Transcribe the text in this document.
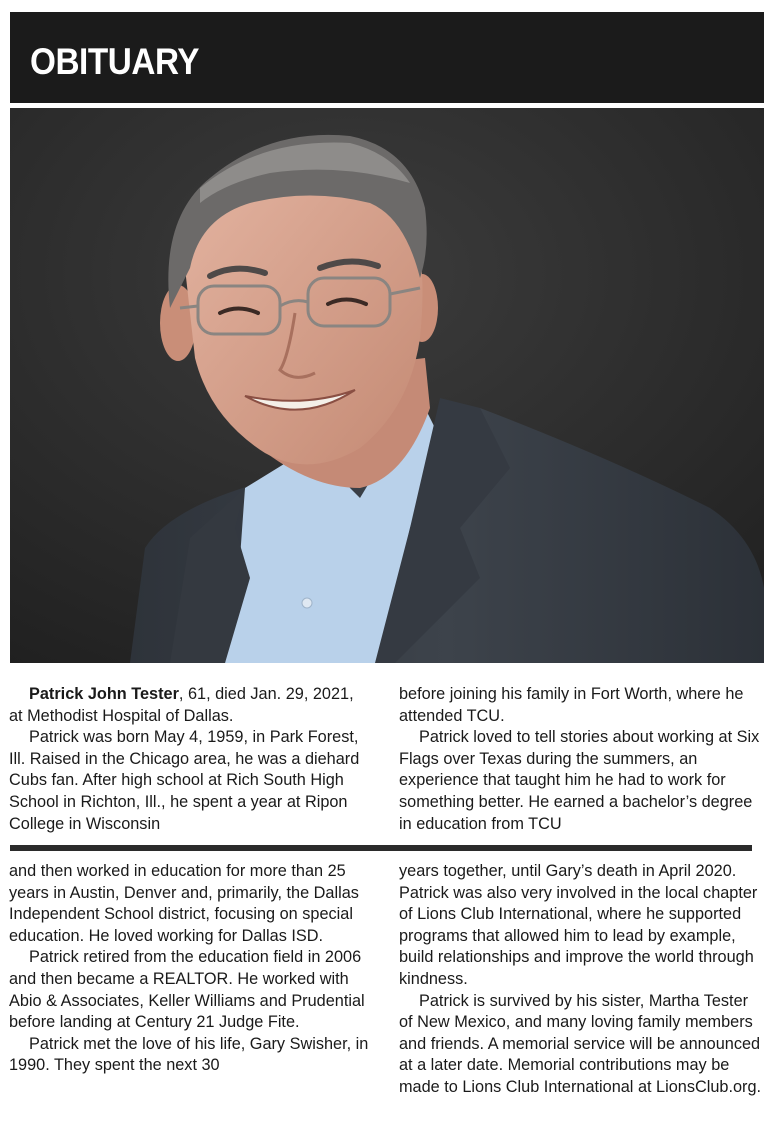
OBITUARY

Patrick John Tester, 61, died Jan. 29, 2021, at Methodist Hospital of Dallas.

Patrick was born May 4, 1959, in Park Forest, Ill. Raised in the Chicago area, he was a diehard Cubs fan. After high school at Rich South High School in Richton, Ill., he spent a year at Ripon College in Wisconsin

before joining his family in Fort Worth, where he attended TCU.

Patrick loved to tell stories about working at Six Flags over Texas during the summers, an experience that taught him he had to work for something better. He earned a bachelor’s degree in education from TCU

and then worked in education for more than 25 years in Austin, Denver and, primarily, the Dallas Independent School district, focusing on special education. He loved working for Dallas ISD.

Patrick retired from the education field in 2006 and then became a REALTOR. He worked with Abio & Associates, Keller Williams and Prudential before landing at Century 21 Judge Fite.

Patrick met the love of his life, Gary Swisher, in 1990. They spent the next 30

years together, until Gary’s death in April 2020. Patrick was also very involved in the local chapter of Lions Club International, where he supported programs that allowed him to lead by example, build relationships and improve the world through kindness.

Patrick is survived by his sister, Martha Tester of New Mexico, and many loving family members and friends. A memorial service will be announced at a later date. Memorial contributions may be made to Lions Club International at LionsClub.org.
